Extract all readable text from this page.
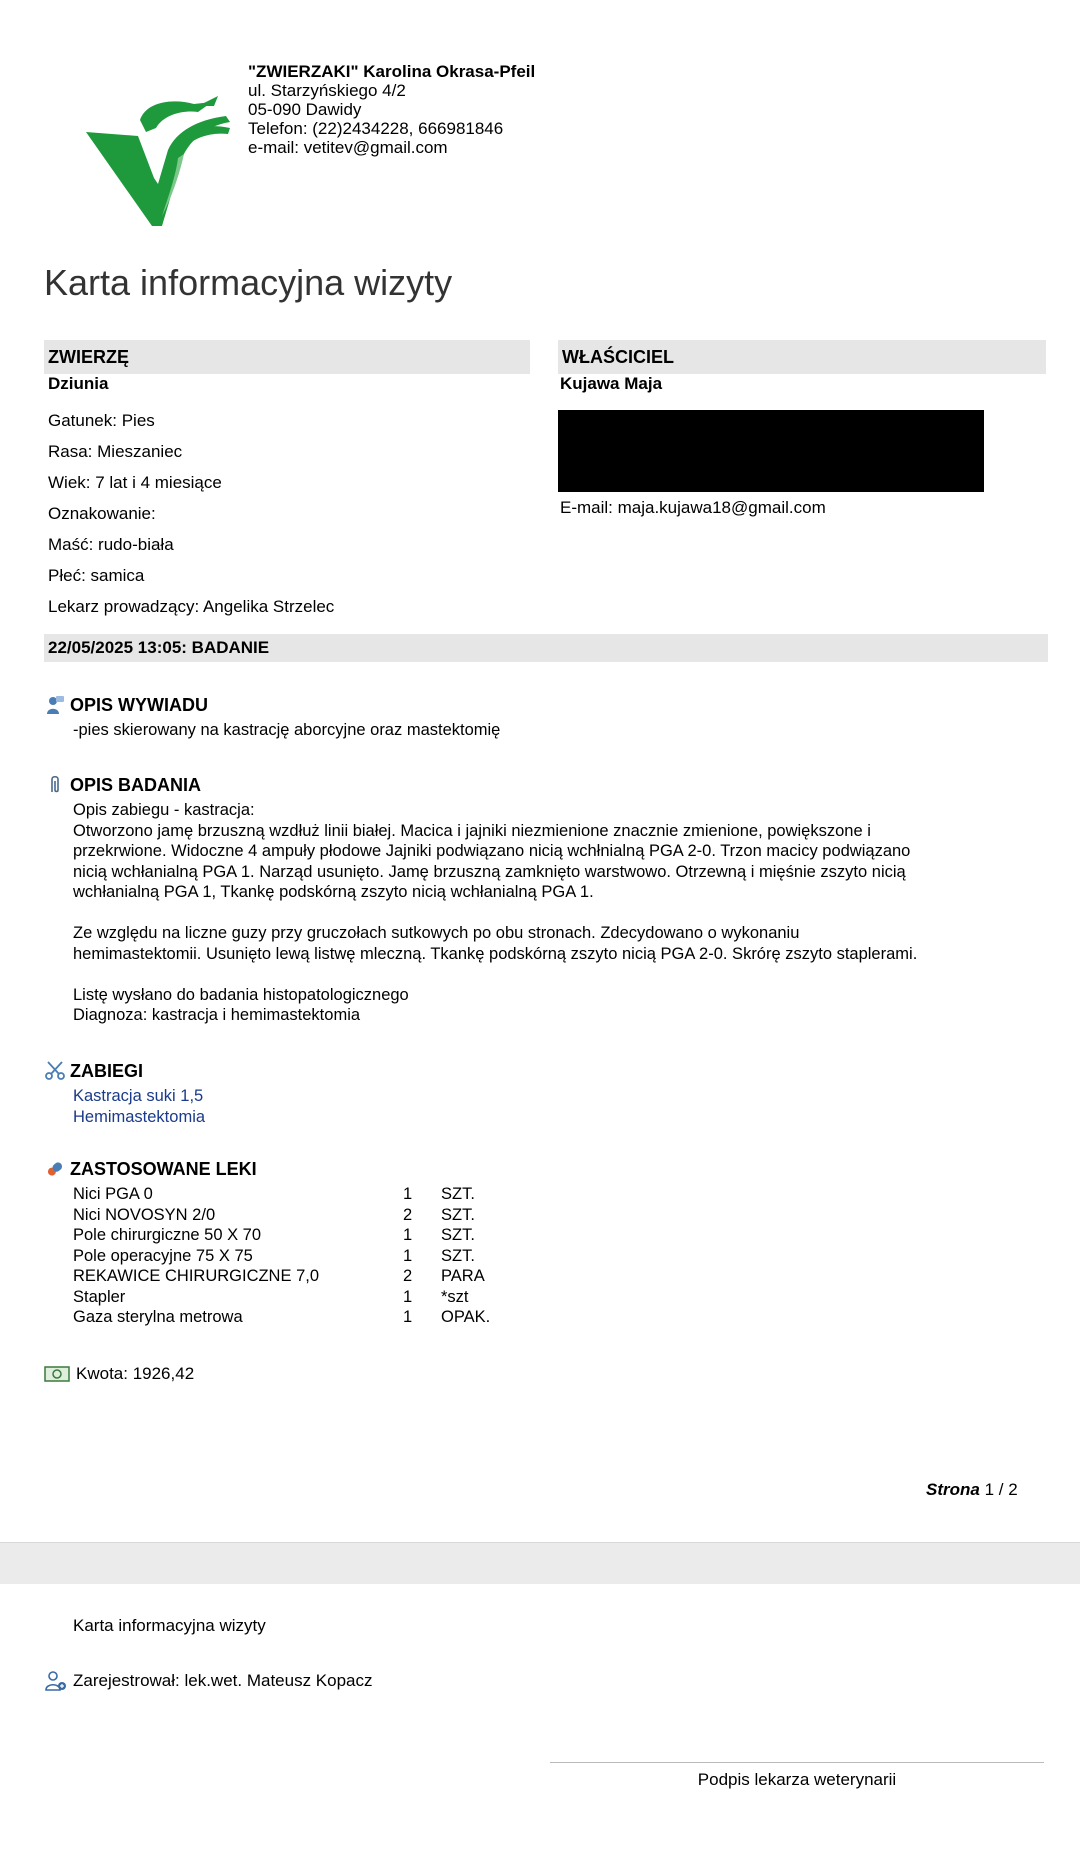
"ZWIERZAKI" Karolina Okrasa-Pfeil
ul. Starzyńskiego 4/2
05-090 Dawidy
Telefon: (22)2434228, 666981846
e-mail: vetitev@gmail.com
Karta informacyjna wizyty
ZWIERZĘ	WŁAŚCICIEL
Dziunia
Gatunek: Pies
Rasa: Mieszaniec
Wiek: 7 lat i 4 miesiące
Oznakowanie:
Maść: rudo-biała
Płeć: samica
Lekarz prowadzący: Angelika Strzelec
Kujawa Maja
E-mail: maja.kujawa18@gmail.com
22/05/2025 13:05: BADANIE
OPIS WYWIADU
-pies skierowany na kastrację aborcyjne oraz mastektomię
OPIS BADANIA
Opis zabiegu - kastracja:
Otworzono jamę brzuszną wzdłuż linii białej. Macica i jajniki niezmienione znacznie zmienione, powiększone i
przekrwione. Widoczne 4 ampuły płodowe Jajniki podwiązano nicią wchłnialną PGA 2-0. Trzon macicy podwiązano
nicią wchłanialną PGA 1. Narząd usunięto. Jamę brzuszną zamknięto warstwowo. Otrzewną i mięśnie zszyto nicią
wchłanialną PGA 1, Tkankę podskórną zszyto nicią wchłanialną PGA 1.
Ze względu na liczne guzy przy gruczołach sutkowych po obu stronach. Zdecydowano o wykonaniu
hemimastektomii. Usunięto lewą listwę mleczną. Tkankę podskórną zszyto nicią PGA 2-0. Skrórę zszyto staplerami.
Listę wysłano do badania histopatologicznego
Diagnoza: kastracja i hemimastektomia
ZABIEGI
Kastracja suki 1,5
Hemimastektomia
ZASTOSOWANE LEKI
Nici PGA 0	1	SZT.
Nici NOVOSYN 2/0	2	SZT.
Pole chirurgiczne 50 X 70	1	SZT.
Pole operacyjne 75 X 75	1	SZT.
REKAWICE CHIRURGICZNE 7,0	2	PARA
Stapler	1	*szt
Gaza sterylna metrowa	1	OPAK.
Kwota: 1926,42
Strona 1 / 2
Karta informacyjna wizyty
Zarejestrował: lek.wet. Mateusz Kopacz
Podpis lekarza weterynarii
